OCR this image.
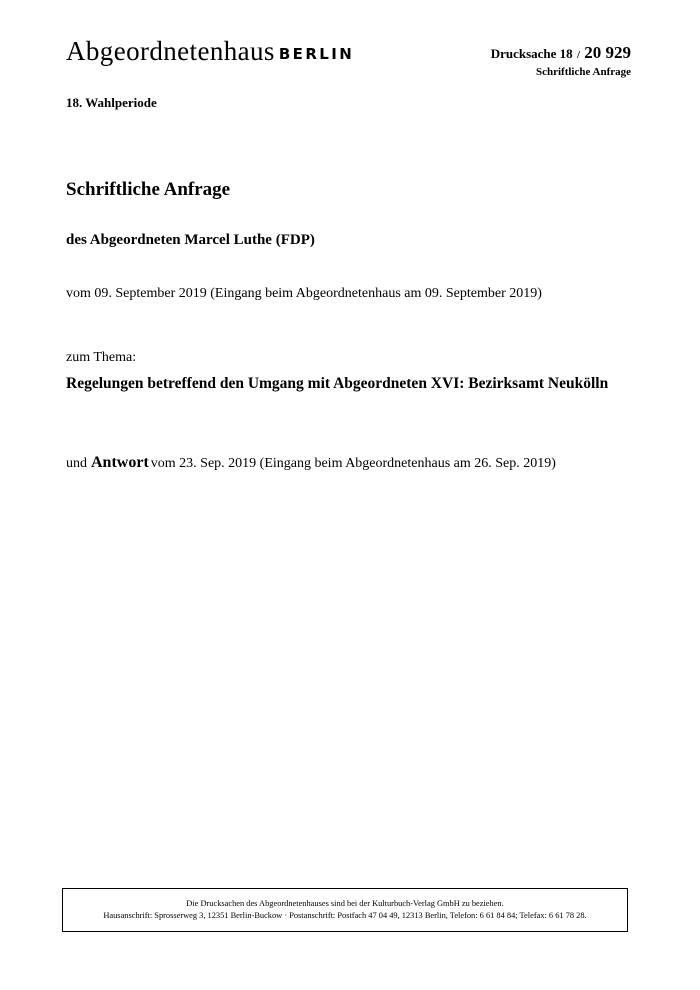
Abgeordnetenhaus BERLIN	Drucksache 18 / 20 929
Schriftliche Anfrage
18. Wahlperiode
Schriftliche Anfrage
des Abgeordneten Marcel Luthe (FDP)
vom 09. September 2019 (Eingang beim Abgeordnetenhaus am 09. September 2019)
zum Thema:
Regelungen betreffend den Umgang mit Abgeordneten XVI: Bezirksamt Neukölln
und Antwort vom 23. Sep. 2019 (Eingang beim Abgeordnetenhaus am 26. Sep. 2019)
Die Drucksachen des Abgeordnetenhauses sind bei der Kulturbuch-Verlag GmbH zu beziehen.
Hausanschrift: Sprosserweg 3, 12351 Berlin-Buckow · Postanschrift: Postfach 47 04 49, 12313 Berlin, Telefon: 6 61 84 84; Telefax: 6 61 78 28.
